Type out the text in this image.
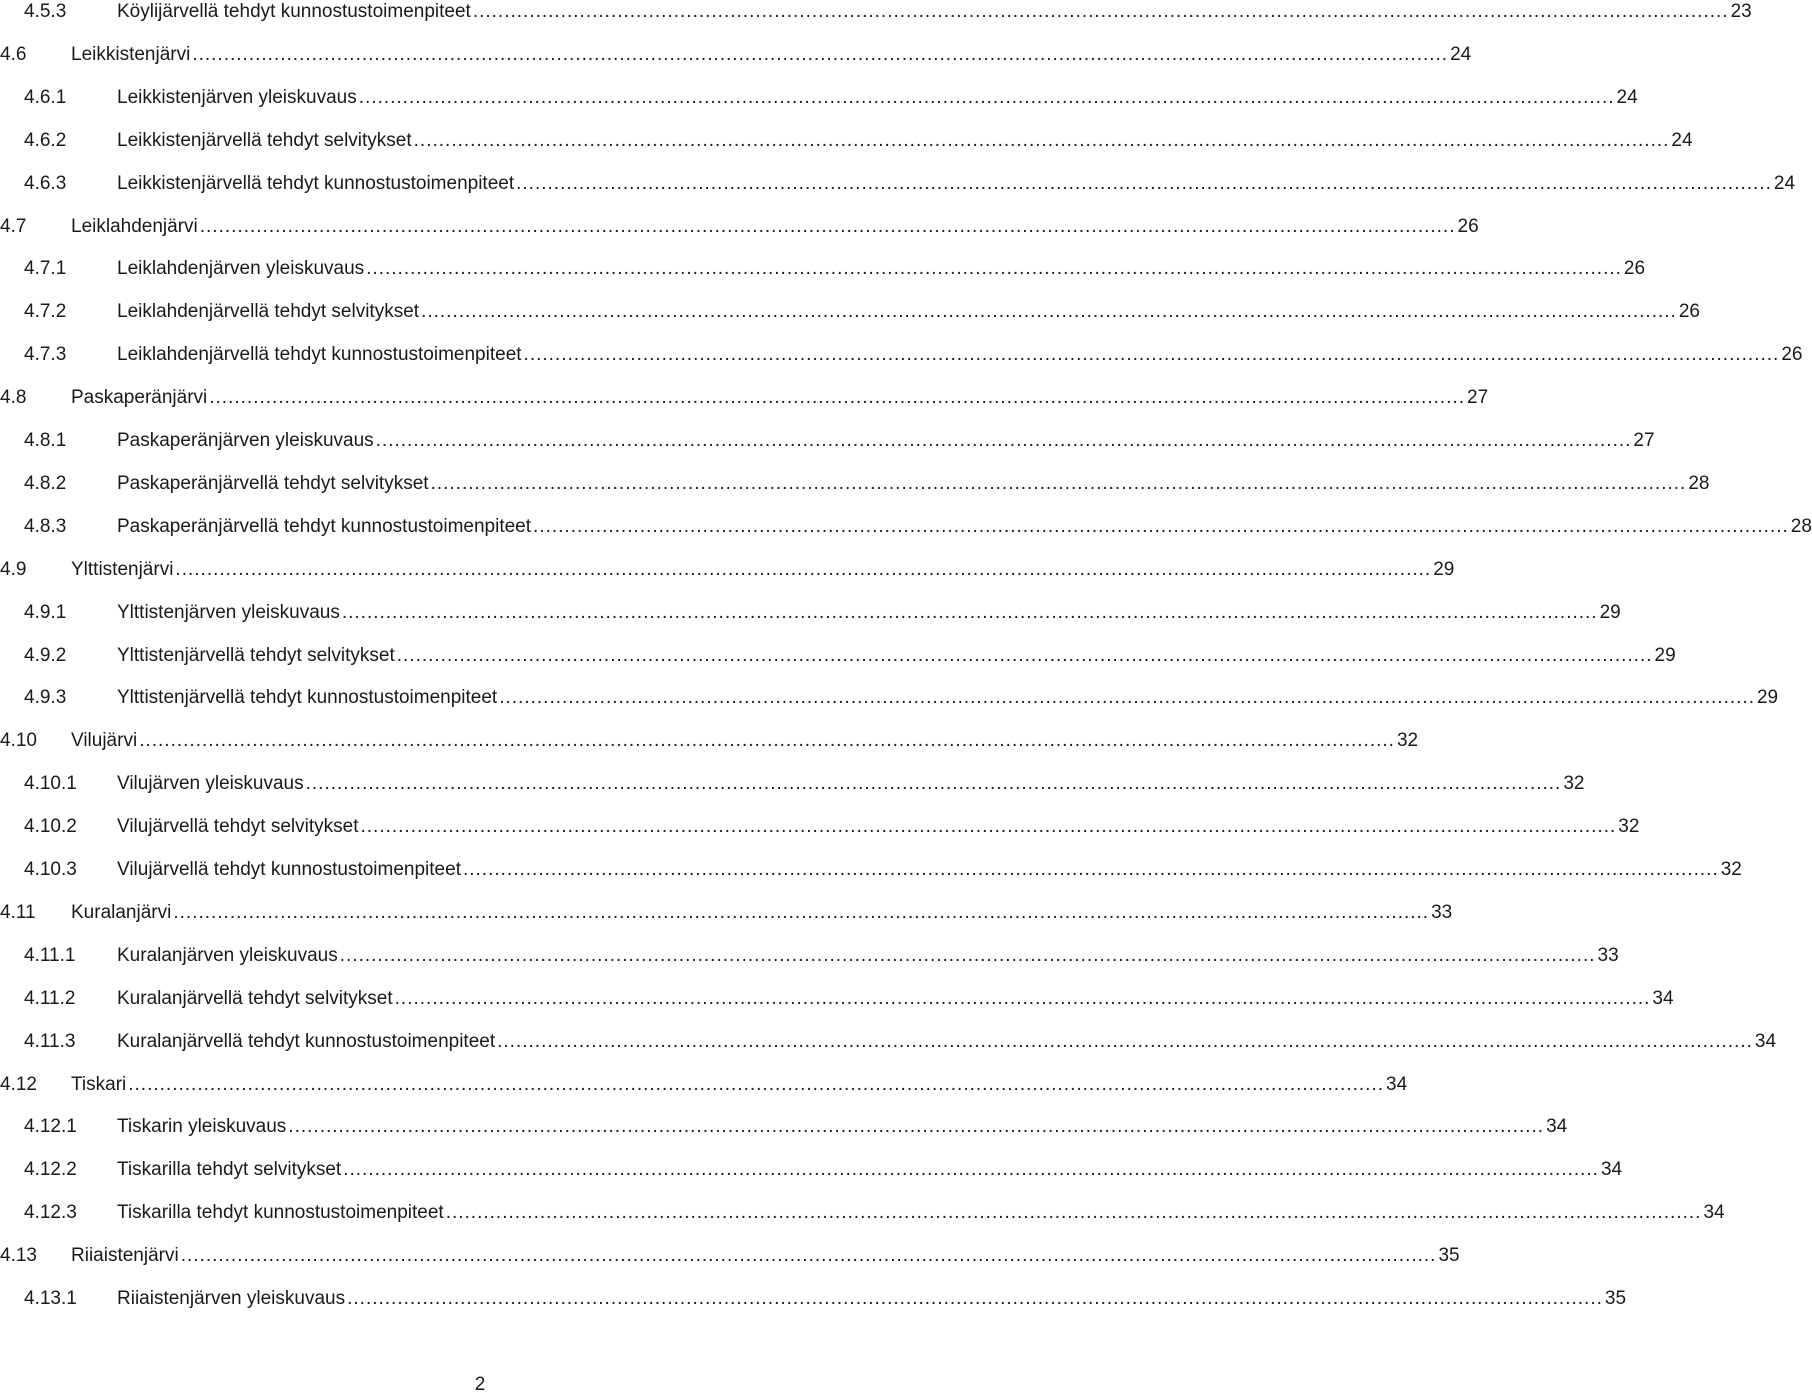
4.5.3	Köylijärvellä tehdyt kunnostustoimenpiteet ........................................................................................................................................................................................................ 23
4.6 Leikkistenjärvi ........................................................................................................................................................................................................ 24
4.6.1	Leikkistenjärven yleiskuvaus ........................................................................................................................................................................................................ 24
4.6.2	Leikkistenjärvellä tehdyt selvitykset ........................................................................................................................................................................................................ 24
4.6.3	Leikkistenjärvellä tehdyt kunnostustoimenpiteet ........................................................................................................................................................................................................ 24
4.7 Leiklahdenjärvi ........................................................................................................................................................................................................ 26
4.7.1	Leiklahdenjärven yleiskuvaus ........................................................................................................................................................................................................ 26
4.7.2	Leiklahdenjärvellä tehdyt selvitykset ........................................................................................................................................................................................................ 26
4.7.3	Leiklahdenjärvellä tehdyt kunnostustoimenpiteet ........................................................................................................................................................................................................ 26
4.8 Paskaperänjärvi ........................................................................................................................................................................................................ 27
4.8.1	Paskaperänjärven yleiskuvaus ........................................................................................................................................................................................................ 27
4.8.2	Paskaperänjärvellä tehdyt selvitykset ........................................................................................................................................................................................................ 28
4.8.3	Paskaperänjärvellä tehdyt kunnostustoimenpiteet ........................................................................................................................................................................................................ 28
4.9 Ylttistenjärvi ........................................................................................................................................................................................................ 29
4.9.1	Ylttistenjärven yleiskuvaus ........................................................................................................................................................................................................ 29
4.9.2	Ylttistenjärvellä tehdyt selvitykset ........................................................................................................................................................................................................ 29
4.9.3	Ylttistenjärvellä tehdyt kunnostustoimenpiteet ........................................................................................................................................................................................................ 29
4.10 Vilujärvi ........................................................................................................................................................................................................ 32
4.10.1 Vilujärven yleiskuvaus ........................................................................................................................................................................................................ 32
4.10.2 Vilujärvellä tehdyt selvitykset ........................................................................................................................................................................................................ 32
4.10.3 Vilujärvellä tehdyt kunnostustoimenpiteet ........................................................................................................................................................................................................ 32
4.11 Kuralanjärvi ........................................................................................................................................................................................................ 33
4.11.1 Kuralanjärven yleiskuvaus ........................................................................................................................................................................................................ 33
4.11.2 Kuralanjärvellä tehdyt selvitykset ........................................................................................................................................................................................................ 34
4.11.3 Kuralanjärvellä tehdyt kunnostustoimenpiteet ........................................................................................................................................................................................................ 34
4.12 Tiskari ........................................................................................................................................................................................................ 34
4.12.1 Tiskarin yleiskuvaus ........................................................................................................................................................................................................ 34
4.12.2 Tiskarilla tehdyt selvitykset ........................................................................................................................................................................................................ 34
4.12.3 Tiskarilla tehdyt kunnostustoimenpiteet ........................................................................................................................................................................................................ 34
4.13 Riiaistenjärvi ........................................................................................................................................................................................................ 35
4.13.1 Riiaistenjärven yleiskuvaus ........................................................................................................................................................................................................ 35
2
